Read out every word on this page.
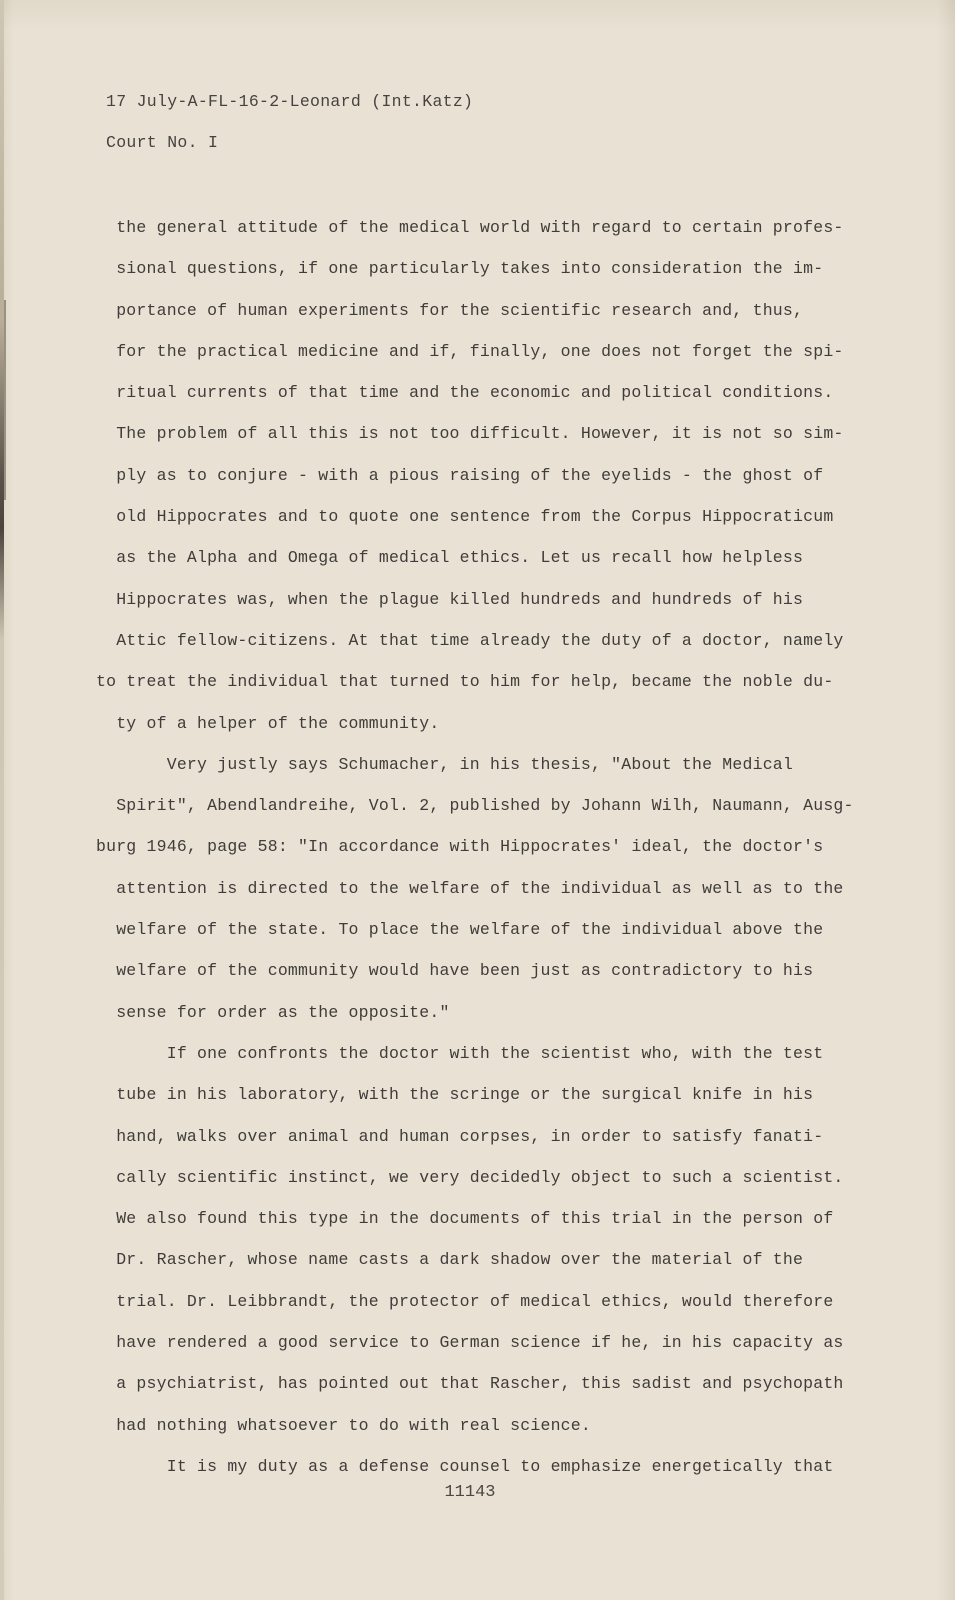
17 July-A-FL-16-2-Leonard (Int.Katz)
Court No. I
the general attitude of the medical world with regard to certain profes-
sional questions, if one particularly takes into consideration the im-
portance of human experiments for the scientific research and, thus,
for the practical medicine and if, finally, one does not forget the spi-
ritual currents of that time and the economic and political conditions.
The problem of all this is not too difficult. However, it is not so sim-
ply as to conjure - with a pious raising of the eyelids - the ghost of
old Hippocrates and to quote one sentence from the Corpus Hippocraticum
as the Alpha and Omega of medical ethics. Let us recall how helpless
Hippocrates was, when the plague killed hundreds and hundreds of his
Attic fellow-citizens. At that time already the duty of a doctor, namely
to treat the individual that turned to him for help, became the noble du-
ty of a helper of the community.
Very justly says Schumacher, in his thesis, "About the Medical
Spirit", Abendlandreihe, Vol. 2, published by Johann Wilh, Naumann, Ausg-
burg 1946, page 58: "In accordance with Hippocrates' ideal, the doctor's
attention is directed to the welfare of the individual as well as to the
welfare of the state. To place the welfare of the individual above the
welfare of the community would have been just as contradictory to his
sense for order as the opposite."
If one confronts the doctor with the scientist who, with the test
tube in his laboratory, with the scringe or the surgical knife in his
hand, walks over animal and human corpses, in order to satisfy fanati-
cally scientific instinct, we very decidedly object to such a scientist.
We also found this type in the documents of this trial in the person of
Dr. Rascher, whose name casts a dark shadow over the material of the
trial. Dr. Leibbrandt, the protector of medical ethics, would therefore
have rendered a good service to German science if he, in his capacity as
a psychiatrist, has pointed out that Rascher, this sadist and psychopath
had nothing whatsoever to do with real science.
It is my duty as a defense counsel to emphasize energetically that
11143
